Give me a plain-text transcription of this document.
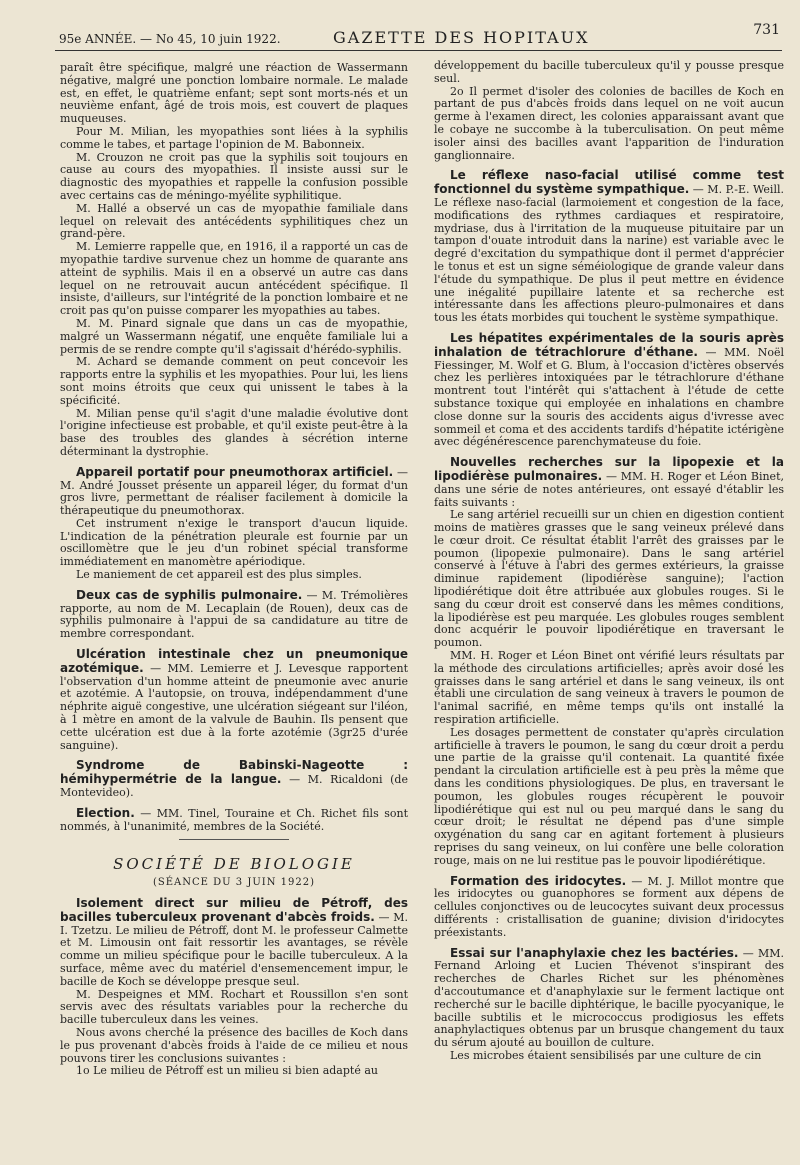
95e ANNÉE. — No 45, 10 juin 1922.	GAZETTE DES HOPITAUX	731

paraît être spécifique, malgré une réaction de Wassermann négative, malgré une ponction lombaire normale. Le malade est, en effet, le quatrième enfant; sept sont morts-nés et un neuvième enfant, âgé de trois mois, est couvert de plaques muqueuses.

Pour M. Milian, les myopathies sont liées à la syphilis comme le tabes, et partage l'opinion de M. Babonneix.

M. Crouzon ne croit pas que la syphilis soit toujours en cause au cours des myopathies. Il insiste aussi sur le diagnostic des myopathies et rappelle la confusion possible avec certains cas de méningo-myélite syphilitique.

M. Hallé a observé un cas de myopathie familiale dans lequel on relevait des antécédents syphilitiques chez un grand-père.

M. Lemierre rappelle que, en 1916, il a rapporté un cas de myopathie tardive survenue chez un homme de quarante ans atteint de syphilis. Mais il en a observé un autre cas dans lequel on ne retrouvait aucun antécédent spécifique. Il insiste, d'ailleurs, sur l'intégrité de la ponction lombaire et ne croit pas qu'on puisse comparer les myopathies au tabes.

M. M. Pinard signale que dans un cas de myopathie, malgré un Wassermann négatif, une enquête familiale lui a permis de se rendre compte qu'il s'agissait d'hérédo-syphilis.

M. Achard se demande comment on peut concevoir les rapports entre la syphilis et les myopathies. Pour lui, les liens sont moins étroits que ceux qui unissent le tabes à la spécificité.

M. Milian pense qu'il s'agit d'une maladie évolutive dont l'origine infectieuse est probable, et qu'il existe peut-être à la base des troubles des glandes à sécrétion interne déterminant la dystrophie.

Appareil portatif pour pneumothorax artificiel. — M. André Jousset présente un appareil léger, du format d'un gros livre, permettant de réaliser facilement à domicile la thérapeutique du pneumothorax.

Cet instrument n'exige le transport d'aucun liquide. L'indication de la pénétration pleurale est fournie par un oscillomètre que le jeu d'un robinet spécial transforme immédiatement en manomètre apériodique.

Le maniement de cet appareil est des plus simples.

Deux cas de syphilis pulmonaire. — M. Trémolières rapporte, au nom de M. Lecaplain (de Rouen), deux cas de syphilis pulmonaire à l'appui de sa candidature au titre de membre correspondant.

Ulcération intestinale chez un pneumonique azotémique. — MM. Lemierre et J. Levesque rapportent l'observation d'un homme atteint de pneumonie avec anurie et azotémie. A l'autopsie, on trouva, indépendamment d'une néphrite aiguë congestive, une ulcération siégeant sur l'iléon, à 1 mètre en amont de la valvule de Bauhin. Ils pensent que cette ulcération est due à la forte azotémie (3gr25 d'urée sanguine).

Syndrome de Babinski-Nageotte : hémihypermétrie de la langue. — M. Ricaldoni (de Montevideo).

Election. — MM. Tinel, Touraine et Ch. Richet fils sont nommés, à l'unanimité, membres de la Société.

SOCIÉTÉ DE BIOLOGIE
(SÉANCE DU 3 JUIN 1922)

Isolement direct sur milieu de Pétroff, des bacilles tuberculeux provenant d'abcès froids. — M. I. Tzetzu. Le milieu de Pétroff, dont M. le professeur Calmette et M. Limousin ont fait ressortir les avantages, se révèle comme un milieu spécifique pour le bacille tuberculeux. A la surface, même avec du matériel d'ensemencement impur, le bacille de Koch se développe presque seul.

M. Despeignes et MM. Rochart et Roussillon s'en sont servis avec des résultats variables pour la recherche du bacille tuberculeux dans les veines.

Nous avons cherché la présence des bacilles de Koch dans le pus provenant d'abcès froids à l'aide de ce milieu et nous pouvons tirer les conclusions suivantes :

1o Le milieu de Pétroff est un milieu si bien adapté au

développement du bacille tuberculeux qu'il y pousse presque seul.

2o Il permet d'isoler des colonies de bacilles de Koch en partant de pus d'abcès froids dans lequel on ne voit aucun germe à l'examen direct, les colonies apparaissant avant que le cobaye ne succombe à la tuberculisation. On peut même isoler ainsi des bacilles avant l'apparition de l'induration ganglionnaire.

Le réflexe naso-facial utilisé comme test fonctionnel du système sympathique. — M. P.-E. Weill. Le réflexe naso-facial (larmoiement et congestion de la face, modifications des rythmes cardiaques et respiratoire, mydriase, dus à l'irritation de la muqueuse pituitaire par un tampon d'ouate introduit dans la narine) est variable avec le degré d'excitation du sympathique dont il permet d'apprécier le tonus et est un signe séméiologique de grande valeur dans l'étude du sympathique. De plus il peut mettre en évidence une inégalité pupillaire latente et sa recherche est intéressante dans les affections pleuro-pulmonaires et dans tous les états morbides qui touchent le système sympathique.

Les hépatites expérimentales de la souris après inhalation de tétrachlorure d'éthane. — MM. Noël Fiessinger, M. Wolf et G. Blum, à l'occasion d'ictères observés chez les perlières intoxiquées par le tétrachlorure d'éthane montrent tout l'intérêt qui s'attachent à l'étude de cette substance toxique qui employée en inhalations en chambre close donne sur la souris des accidents aigus d'ivresse avec sommeil et coma et des accidents tardifs d'hépatite ictérigène avec dégénérescence parenchymateuse du foie.

Nouvelles recherches sur la lipopexie et la lipodiérèse pulmonaires. — MM. H. Roger et Léon Binet, dans une série de notes antérieures, ont essayé d'établir les faits suivants :

Le sang artériel recueilli sur un chien en digestion contient moins de matières grasses que le sang veineux prélevé dans le cœur droit. Ce résultat établit l'arrêt des graisses par le poumon (lipopexie pulmonaire). Dans le sang artériel conservé à l'étuve à l'abri des germes extérieurs, la graisse diminue rapidement (lipodiérèse sanguine); l'action lipodiérétique doit être attribuée aux globules rouges. Si le sang du cœur droit est conservé dans les mêmes conditions, la lipodiérèse est peu marquée. Les globules rouges semblent donc acquérir le pouvoir lipodiérétique en traversant le poumon.

MM. H. Roger et Léon Binet ont vérifié leurs résultats par la méthode des circulations artificielles; après avoir dosé les graisses dans le sang artériel et dans le sang veineux, ils ont établi une circulation de sang veineux à travers le poumon de l'animal sacrifié, en même temps qu'ils ont installé la respiration artificielle.

Les dosages permettent de constater qu'après circulation artificielle à travers le poumon, le sang du cœur droit a perdu une partie de la graisse qu'il contenait. La quantité fixée pendant la circulation artificielle est à peu près la même que dans les conditions physiologiques. De plus, en traversant le poumon, les globules rouges récupèrent le pouvoir lipodiérétique qui est nul ou peu marqué dans le sang du cœur droit; le résultat ne dépend pas d'une simple oxygénation du sang car en agitant fortement à plusieurs reprises du sang veineux, on lui confère une belle coloration rouge, mais on ne lui restitue pas le pouvoir lipodiérétique.

Formation des iridocytes. — M. J. Millot montre que les iridocytes ou guanophores se forment aux dépens de cellules conjonctives ou de leucocytes suivant deux processus différents : cristallisation de guanine; division d'iridocytes préexistants.

Essai sur l'anaphylaxie chez les bactéries. — MM. Fernand Arloing et Lucien Thévenot s'inspirant des recherches de Charles Richet sur les phénomènes d'accoutumance et d'anaphylaxie sur le ferment lactique ont recherché sur le bacille diphtérique, le bacille pyocyanique, le bacille subtilis et le micrococcus prodigiosus les effets anaphylactiques obtenus par un brusque changement du taux du sérum ajouté au bouillon de culture.

Les microbes étaient sensibilisés par une culture de cin
